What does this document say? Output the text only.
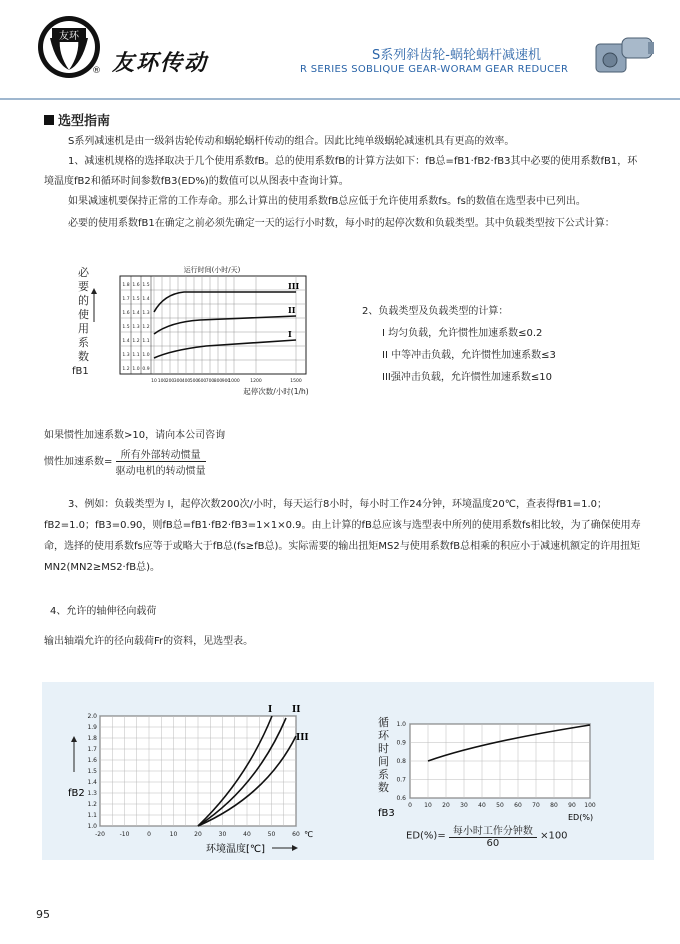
友环
® 友环传动	S系列斜齿轮-蜗轮蜗杆减速机
R SERIES SOBLIQUE GEAR-WORAM GEAR REDUCER
选型指南
S系列减速机是由一级斜齿轮传动和蜗轮蜗杆传动的组合。因此比纯单级蜗轮减速机具有更高的效率。
1、减速机规格的选择取决于几个使用系数fB。总的使用系数fB的计算方法如下：fB总=fB1·fB2·fB3其中必要的使用系数fB1，环境温度fB2和循环时间参数fB3(ED%)的数值可以从图表中查询计算。
如果减速机要保持正常的工作寿命。那么计算出的使用系数fB总应低于允许使用系数fs。fs的数值在选型表中已列出。
必要的使用系数fB1在确定之前必须先确定一天的运行小时数，每小时的起停次数和负载类型。其中负载类型按下公式计算：
必要的使用系数
fB1
1.8
1.7
1.6
1.5
1.4
1.3
1.2
1.6
1.5
1.4
1.3
1.2
1.1
1.0
1.5
1.4
1.3
1.2
1.1
1.0
0.9
10 100 200 300 400 500 600 700 800 900
1000 1200	1500
运行时间(小时/天)
起停次数/小时(1/h)
III
II
I
2、负载类型及负载类型的计算：
I 均匀负载，允许惯性加速系数≤0.2
II 中等冲击负载，允许惯性加速系数≤3
III强冲击负载，允许惯性加速系数≤10
如果惯性加速系数>10，请向本公司咨询
惯性加速系数= $\frac{\text{所有外部转动惯量}}{\text{驱动电机的转动惯量}}$
3、例如：负载类型为 I，起停次数200次/小时，每天运行8小时，每小时工作24分钟，环境温度20℃，查表得fB1=1.0；fB2=1.0；fB3=0.90，则fB总=fB1·fB2·fB3=1×1×0.9。由上计算的fB总应该与选型表中所列的使用系数fs相比较，为了确保使用寿命，选择的使用系数fs应等于或略大于fB总(fs≥fB总)。实际需要的输出扭矩MS2与使用系数fB总相乘的积应小于减速机额定的许用扭矩MN2(MN2≥MS2·fB总)。
4、允许的轴伸径向载荷
输出轴端允许的径向载荷Fr的资料，见选型表。
2.0
1.9
1.8
1.7
1.6
1.5
1.4
1.3
1.2
1.1
1.0
-20 -10	0	10	20	30	40	50	60
fB2
I II
III
℃
环境温度[℃]
循环时间系数
fB3
1.0
0.9
0.8
0.7
0.6
0 10 20 30 40 50 60 70 80 90 100
ED(%)
$ED(\%)= \frac{\text{每小时工作分钟数}}{60} \times 100$
95
